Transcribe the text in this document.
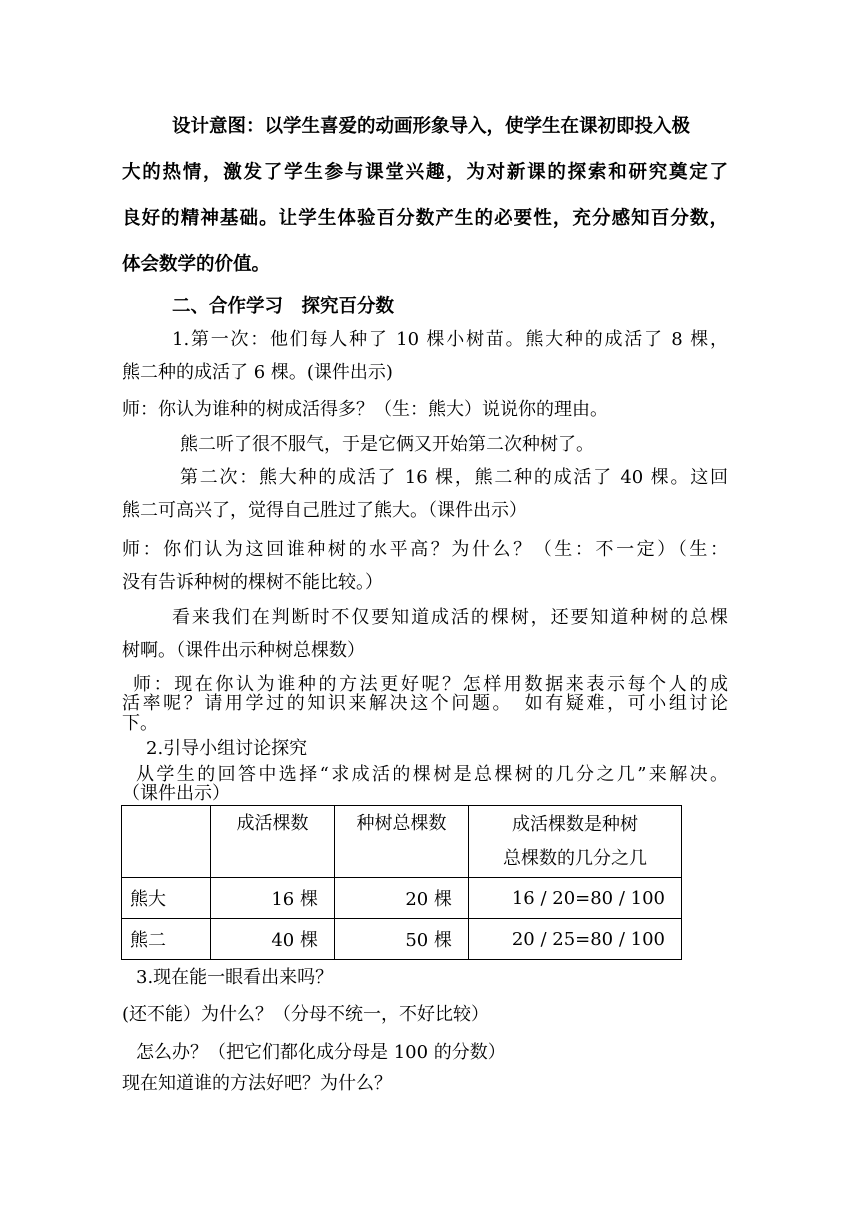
设计意图：以学生喜爱的动画形象导入，使学生在课初即投入极
大的热情，激发了学生参与课堂兴趣，为对新课的探索和研究奠定了
良好的精神基础。让学生体验百分数产生的必要性，充分感知百分数，
体会数学的价值。
二、合作学习　探究百分数
1.第一次：他们每人种了 10 棵小树苗。熊大种的成活了 8 棵，
熊二种的成活了 6 棵。(课件出示)
师：你认为谁种的树成活得多？（生：熊大）说说你的理由。
熊二听了很不服气，于是它俩又开始第二次种树了。
第二次：熊大种的成活了 16 棵，熊二种的成活了 40 棵。这回
熊二可高兴了，觉得自己胜过了熊大。（课件出示）
师：你们认为这回谁种树的水平高？为什么？（生：不一定）（生：
没有告诉种树的棵树不能比较。）
看来我们在判断时不仅要知道成活的棵树，还要知道种树的总棵
树啊。（课件出示种树总棵数）
师：现在你认为谁种的方法更好呢？怎样用数据来表示每个人的成
活率呢？请用学过的知识来解决这个问题。　如有疑难，可小组讨论
下。
2.引导小组讨论探究
从学生的回答中选择“求成活的棵树是总棵树的几分之几”来解决。
（课件出示）

	成活棵数	种树总棵数	成活棵数是种树
总棵数的几分之几

熊大	16 棵	20 棵	16 / 20=80 / 100
熊二	40 棵	50 棵	20 / 25=80 / 100
3.现在能一眼看出来吗？
(还不能）为什么？（分母不统一，不好比较）
怎么办？（把它们都化成分母是 100 的分数）
现在知道谁的方法好吧？为什么？
